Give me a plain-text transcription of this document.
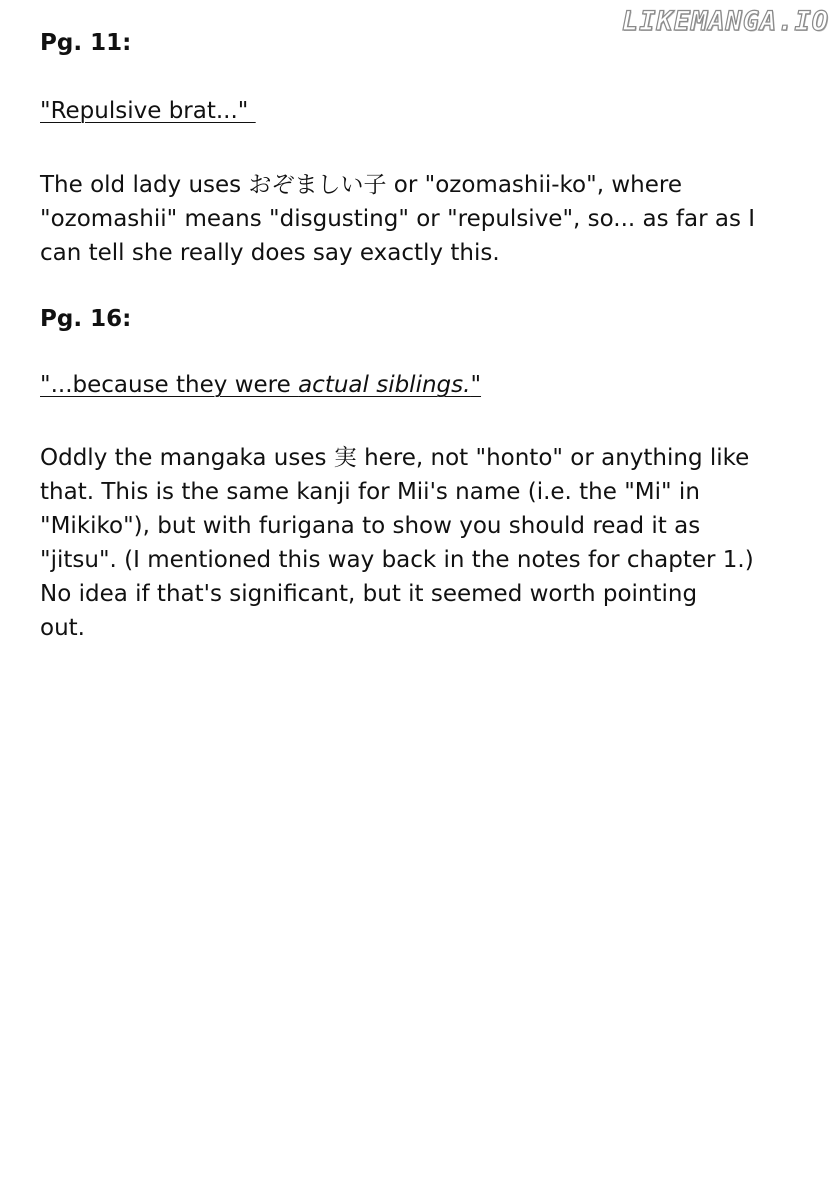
LIKEMANGA.IO
Pg. 11:
"Repulsive brat..."
The old lady uses おぞましい子 or "ozomashii-ko", where
"ozomashii" means "disgusting" or "repulsive", so... as far as I
can tell she really does say exactly this.
Pg. 16:
"...because they were actual siblings."
Oddly the mangaka uses 実 here, not "honto" or anything like
that. This is the same kanji for Mii's name (i.e. the "Mi" in
"Mikiko"), but with furigana to show you should read it as
"jitsu". (I mentioned this way back in the notes for chapter 1.)
No idea if that's significant, but it seemed worth pointing
out.
